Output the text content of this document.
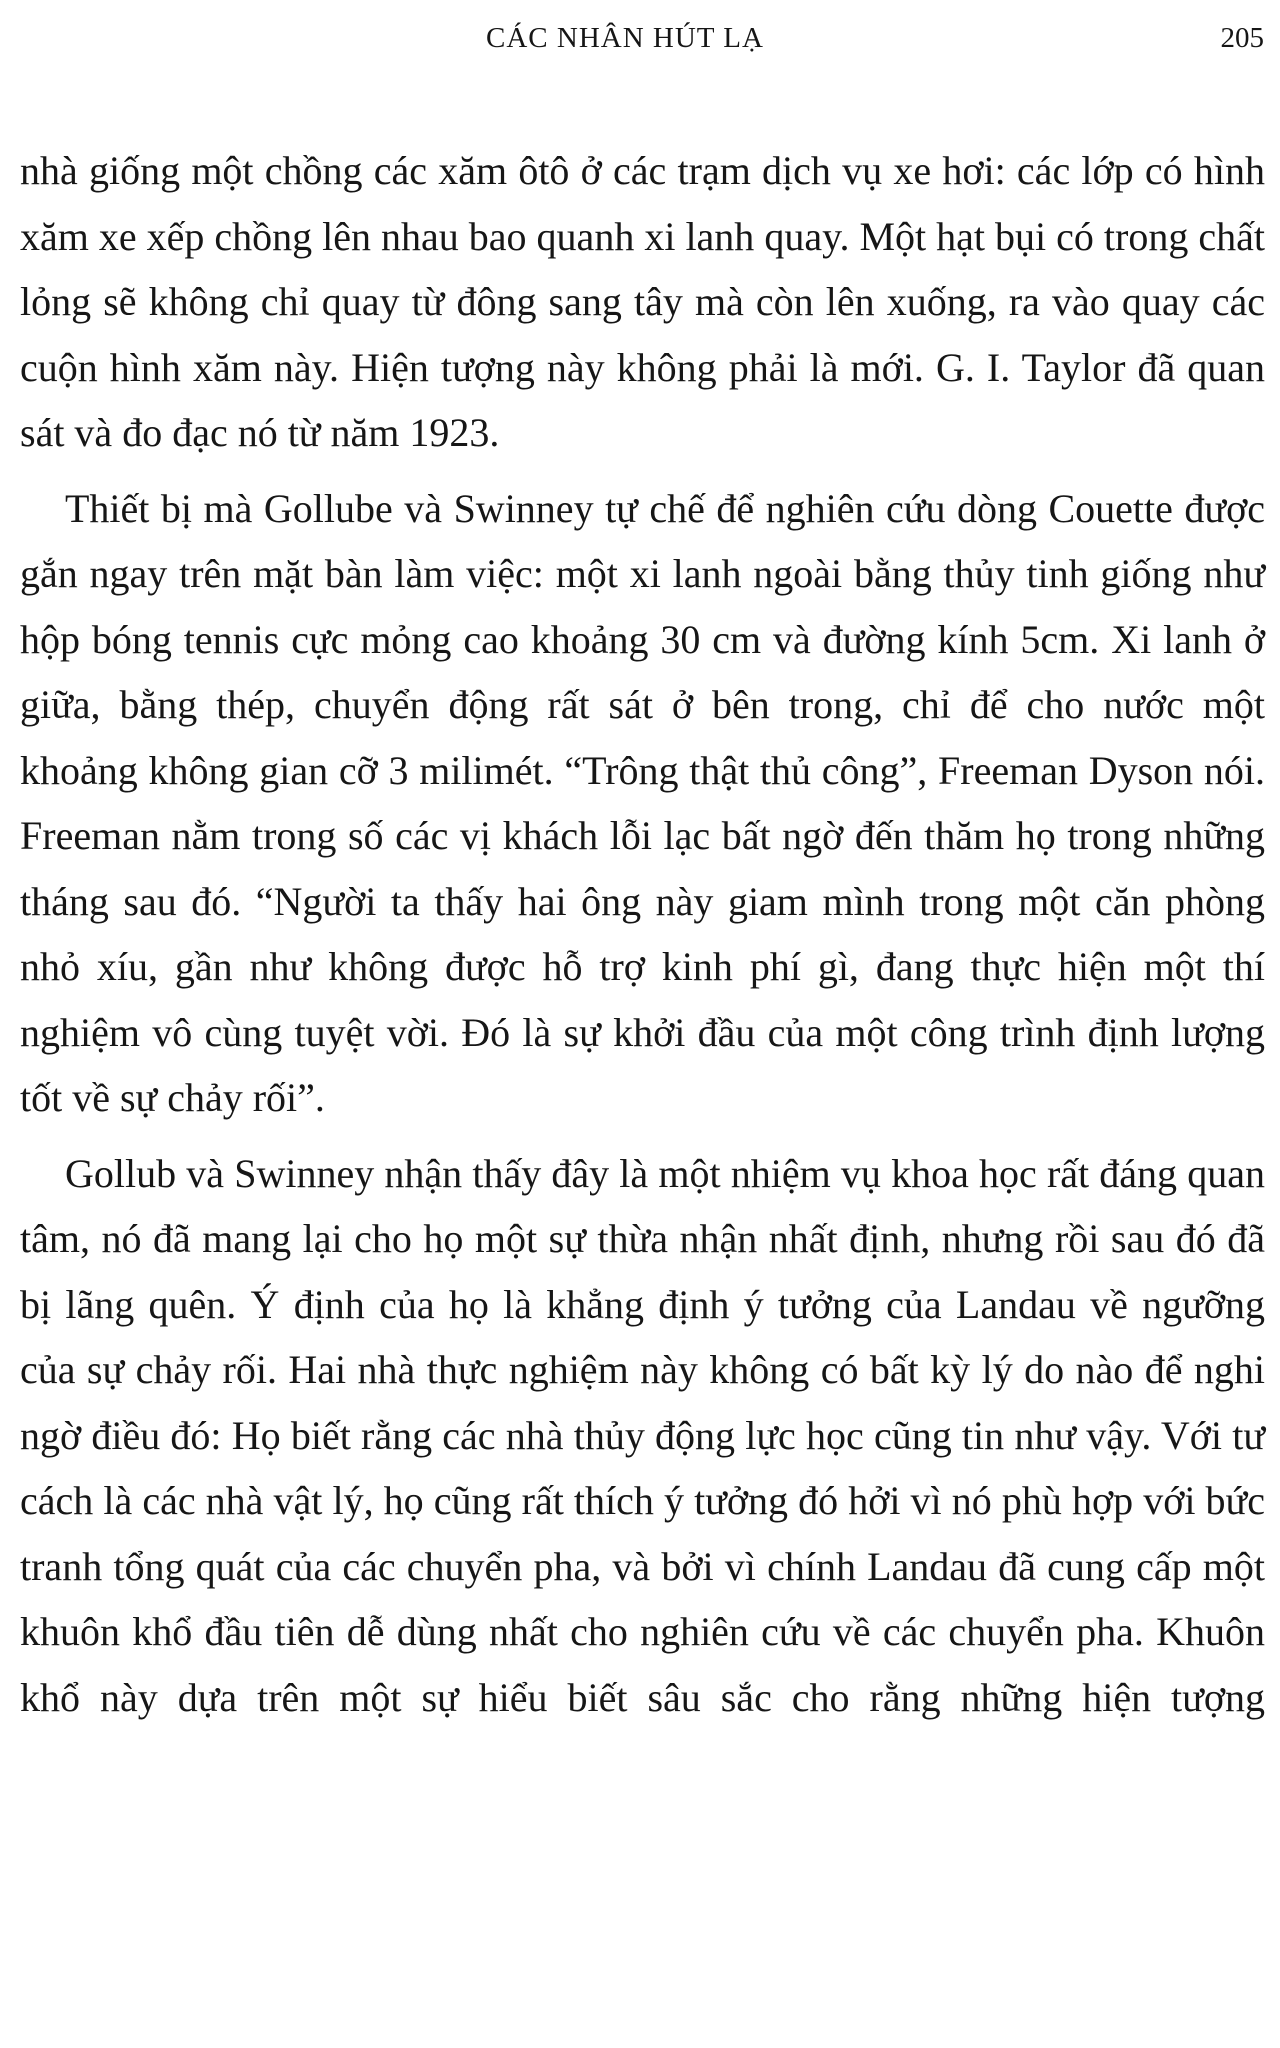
CÁC NHÂN HÚT LẠ	205

nhà giống một chồng các xăm ôtô ở các trạm dịch vụ xe hơi: các lớp có hình xăm xe xếp chồng lên nhau bao quanh xi lanh quay. Một hạt bụi có trong chất lỏng sẽ không chỉ quay từ đông sang tây mà còn lên xuống, ra vào quay các cuộn hình xăm này. Hiện tượng này không phải là mới. G. I. Taylor đã quan sát và đo đạc nó từ năm 1923.

Thiết bị mà Gollube và Swinney tự chế để nghiên cứu dòng Couette được gắn ngay trên mặt bàn làm việc: một xi lanh ngoài bằng thủy tinh giống như hộp bóng tennis cực mỏng cao khoảng 30 cm và đường kính 5cm. Xi lanh ở giữa, bằng thép, chuyển động rất sát ở bên trong, chỉ để cho nước một khoảng không gian cỡ 3 milimét. “Trông thật thủ công”, Freeman Dyson nói. Freeman nằm trong số các vị khách lỗi lạc bất ngờ đến thăm họ trong những tháng sau đó. “Người ta thấy hai ông này giam mình trong một căn phòng nhỏ xíu, gần như không được hỗ trợ kinh phí gì, đang thực hiện một thí nghiệm vô cùng tuyệt vời. Đó là sự khởi đầu của một công trình định lượng tốt về sự chảy rối”.

Gollub và Swinney nhận thấy đây là một nhiệm vụ khoa học rất đáng quan tâm, nó đã mang lại cho họ một sự thừa nhận nhất định, nhưng rồi sau đó đã bị lãng quên. Ý định của họ là khẳng định ý tưởng của Landau về ngưỡng của sự chảy rối. Hai nhà thực nghiệm này không có bất kỳ lý do nào để nghi ngờ điều đó: Họ biết rằng các nhà thủy động lực học cũng tin như vậy. Với tư cách là các nhà vật lý, họ cũng rất thích ý tưởng đó hởi vì nó phù hợp với bức tranh tổng quát của các chuyển pha, và bởi vì chính Landau đã cung cấp một khuôn khổ đầu tiên dễ dùng nhất cho nghiên cứu về các chuyển pha. Khuôn khổ này dựa trên một sự hiểu biết sâu sắc cho rằng những hiện tượng
